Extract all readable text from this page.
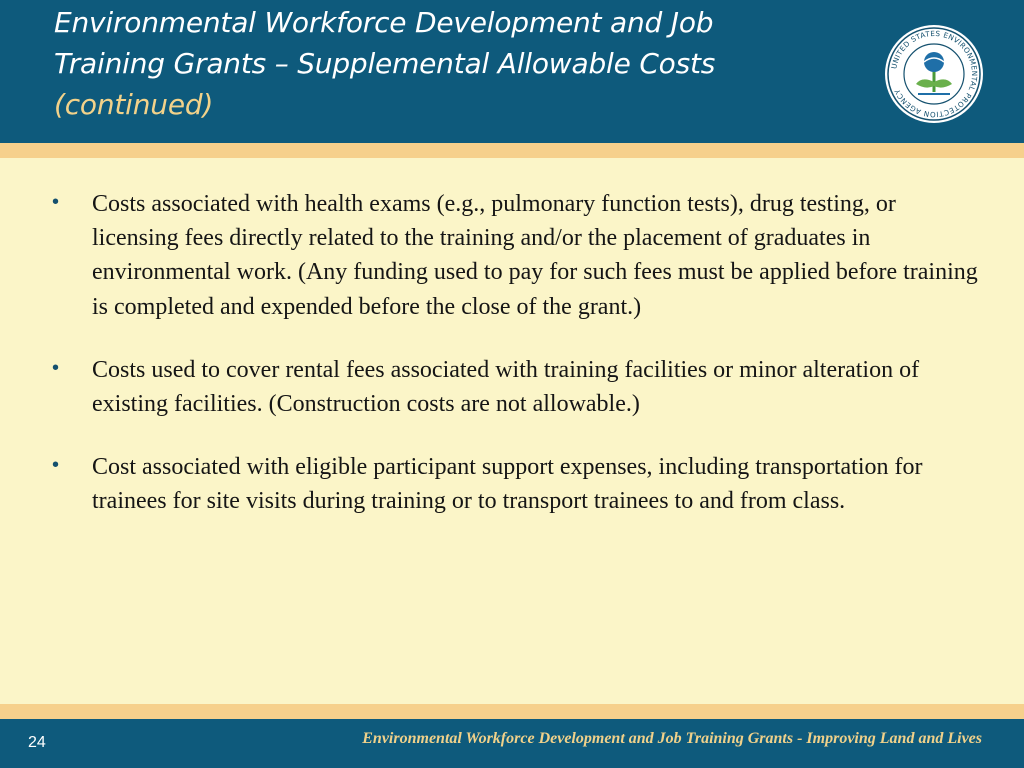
Environmental Workforce Development and Job
Training Grants – Supplemental Allowable Costs
(continued)
UNITED STATES ENVIRONMENTAL PROTECTION AGENCY
• Costs associated with health exams (e.g., pulmonary function tests), drug testing, or licensing fees directly related to the training and/or the placement of graduates in environmental work. (Any funding used to pay for such fees must be applied before training is completed and expended before the close of the grant.)
• Costs used to cover rental fees associated with training facilities or minor alteration of existing facilities. (Construction costs are not allowable.)
• Cost associated with eligible participant support expenses, including transportation for trainees for site visits during training or to transport trainees to and from class.
24	Environmental Workforce Development and Job Training Grants - Improving Land and Lives
